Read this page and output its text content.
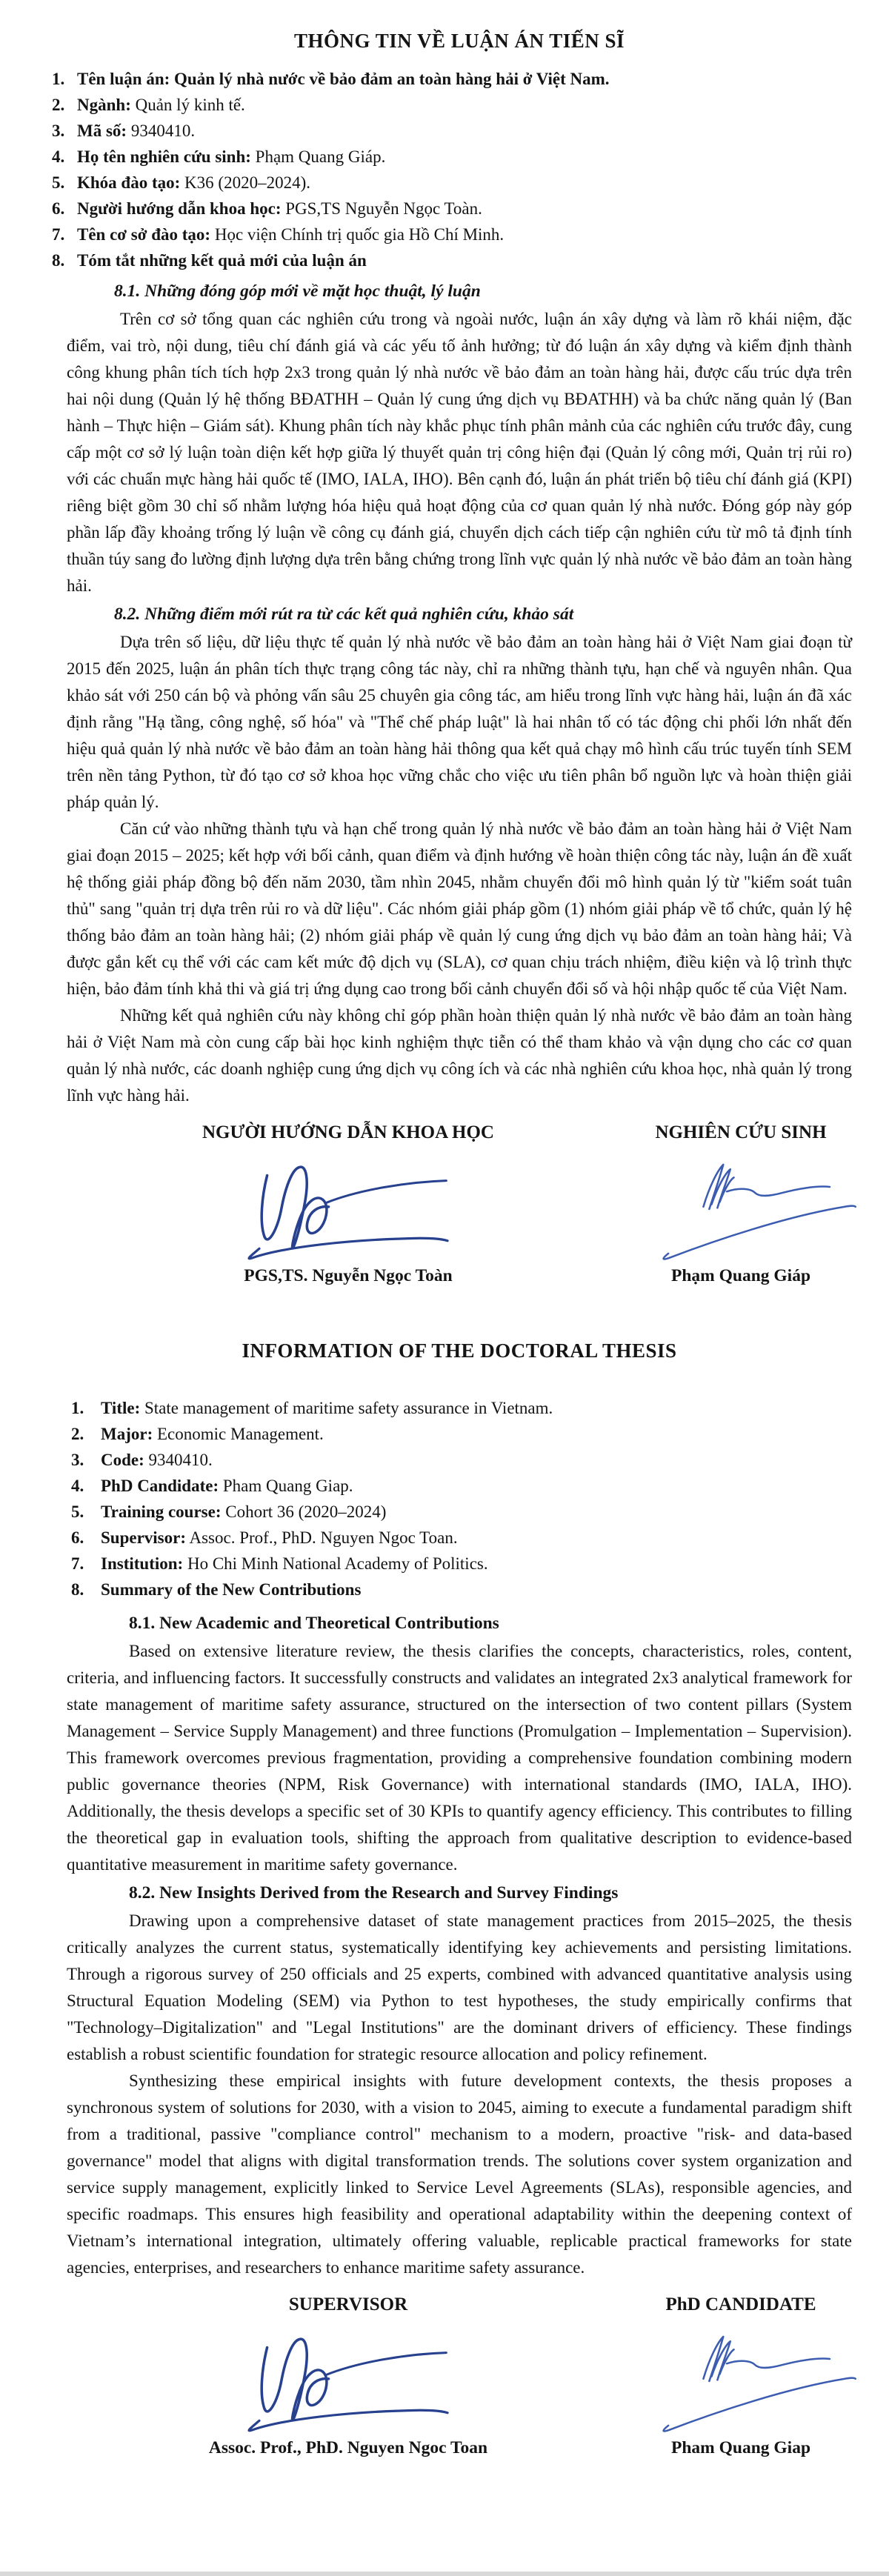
THÔNG TIN VỀ LUẬN ÁN TIẾN SĨ
1. Tên luận án: Quản lý nhà nước về bảo đảm an toàn hàng hải ở Việt Nam.
2. Ngành: Quản lý kinh tế.
3. Mã số: 9340410.
4. Họ tên nghiên cứu sinh: Phạm Quang Giáp.
5. Khóa đào tạo: K36 (2020–2024).
6. Người hướng dẫn khoa học: PGS,TS Nguyễn Ngọc Toàn.
7. Tên cơ sở đào tạo: Học viện Chính trị quốc gia Hồ Chí Minh.
8. Tóm tắt những kết quả mới của luận án

8.1. Những đóng góp mới về mặt học thuật, lý luận

Trên cơ sở tổng quan các nghiên cứu trong và ngoài nước, luận án xây dựng và làm rõ khái niệm, đặc điểm, vai trò, nội dung, tiêu chí đánh giá và các yếu tố ảnh hưởng; từ đó luận án xây dựng và kiểm định thành công khung phân tích tích hợp 2x3 trong quản lý nhà nước về bảo đảm an toàn hàng hải, được cấu trúc dựa trên hai nội dung (Quản lý hệ thống BĐATHH – Quản lý cung ứng dịch vụ BĐATHH) và ba chức năng quản lý (Ban hành – Thực hiện – Giám sát). Khung phân tích này khắc phục tính phân mảnh của các nghiên cứu trước đây, cung cấp một cơ sở lý luận toàn diện kết hợp giữa lý thuyết quản trị công hiện đại (Quản lý công mới, Quản trị rủi ro) với các chuẩn mực hàng hải quốc tế (IMO, IALA, IHO). Bên cạnh đó, luận án phát triển bộ tiêu chí đánh giá (KPI) riêng biệt gồm 30 chỉ số nhằm lượng hóa hiệu quả hoạt động của cơ quan quản lý nhà nước. Đóng góp này góp phần lấp đầy khoảng trống lý luận về công cụ đánh giá, chuyển dịch cách tiếp cận nghiên cứu từ mô tả định tính thuần túy sang đo lường định lượng dựa trên bằng chứng trong lĩnh vực quản lý nhà nước về bảo đảm an toàn hàng hải.

8.2. Những điểm mới rút ra từ các kết quả nghiên cứu, khảo sát

Dựa trên số liệu, dữ liệu thực tế quản lý nhà nước về bảo đảm an toàn hàng hải ở Việt Nam giai đoạn từ 2015 đến 2025, luận án phân tích thực trạng công tác này, chỉ ra những thành tựu, hạn chế và nguyên nhân. Qua khảo sát với 250 cán bộ và phỏng vấn sâu 25 chuyên gia công tác, am hiểu trong lĩnh vực hàng hải, luận án đã xác định rằng "Hạ tầng, công nghệ, số hóa" và "Thể chế pháp luật" là hai nhân tố có tác động chi phối lớn nhất đến hiệu quả quản lý nhà nước về bảo đảm an toàn hàng hải thông qua kết quả chạy mô hình cấu trúc tuyến tính SEM trên nền tảng Python, từ đó tạo cơ sở khoa học vững chắc cho việc ưu tiên phân bổ nguồn lực và hoàn thiện giải pháp quản lý.

Căn cứ vào những thành tựu và hạn chế trong quản lý nhà nước về bảo đảm an toàn hàng hải ở Việt Nam giai đoạn 2015 – 2025; kết hợp với bối cảnh, quan điểm và định hướng về hoàn thiện công tác này, luận án đề xuất hệ thống giải pháp đồng bộ đến năm 2030, tầm nhìn 2045, nhằm chuyển đổi mô hình quản lý từ "kiểm soát tuân thủ" sang "quản trị dựa trên rủi ro và dữ liệu". Các nhóm giải pháp gồm (1) nhóm giải pháp về tổ chức, quản lý hệ thống bảo đảm an toàn hàng hải; (2) nhóm giải pháp về quản lý cung ứng dịch vụ bảo đảm an toàn hàng hải; Và được gắn kết cụ thể với các cam kết mức độ dịch vụ (SLA), cơ quan chịu trách nhiệm, điều kiện và lộ trình thực hiện, bảo đảm tính khả thi và giá trị ứng dụng cao trong bối cảnh chuyển đổi số và hội nhập quốc tế của Việt Nam.

Những kết quả nghiên cứu này không chỉ góp phần hoàn thiện quản lý nhà nước về bảo đảm an toàn hàng hải ở Việt Nam mà còn cung cấp bài học kinh nghiệm thực tiễn có thể tham khảo và vận dụng cho các cơ quan quản lý nhà nước, các doanh nghiệp cung ứng dịch vụ công ích và các nhà nghiên cứu khoa học, nhà quản lý trong lĩnh vực hàng hải.

NGƯỜI HƯỚNG DẪN KHOA HỌC
PGS,TS. Nguyễn Ngọc Toàn
NGHIÊN CỨU SINH
Phạm Quang Giáp
INFORMATION OF THE DOCTORAL THESIS
1. Title: State management of maritime safety assurance in Vietnam.
2. Major: Economic Management.
3. Code: 9340410.
4. PhD Candidate: Pham Quang Giap.
5. Training course: Cohort 36 (2020–2024)
6. Supervisor: Assoc. Prof., PhD. Nguyen Ngoc Toan.
7. Institution: Ho Chi Minh National Academy of Politics.
8. Summary of the New Contributions

8.1. New Academic and Theoretical Contributions

Based on extensive literature review, the thesis clarifies the concepts, characteristics, roles, content, criteria, and influencing factors. It successfully constructs and validates an integrated 2x3 analytical framework for state management of maritime safety assurance, structured on the intersection of two content pillars (System Management – Service Supply Management) and three functions (Promulgation – Implementation – Supervision). This framework overcomes previous fragmentation, providing a comprehensive foundation combining modern public governance theories (NPM, Risk Governance) with international standards (IMO, IALA, IHO). Additionally, the thesis develops a specific set of 30 KPIs to quantify agency efficiency. This contributes to filling the theoretical gap in evaluation tools, shifting the approach from qualitative description to evidence-based quantitative measurement in maritime safety governance.

8.2. New Insights Derived from the Research and Survey Findings

Drawing upon a comprehensive dataset of state management practices from 2015–2025, the thesis critically analyzes the current status, systematically identifying key achievements and persisting limitations. Through a rigorous survey of 250 officials and 25 experts, combined with advanced quantitative analysis using Structural Equation Modeling (SEM) via Python to test hypotheses, the study empirically confirms that "Technology–Digitalization" and "Legal Institutions" are the dominant drivers of efficiency. These findings establish a robust scientific foundation for strategic resource allocation and policy refinement.

Synthesizing these empirical insights with future development contexts, the thesis proposes a synchronous system of solutions for 2030, with a vision to 2045, aiming to execute a fundamental paradigm shift from a traditional, passive "compliance control" mechanism to a modern, proactive "risk- and data-based governance" model that aligns with digital transformation trends. The solutions cover system organization and service supply management, explicitly linked to Service Level Agreements (SLAs), responsible agencies, and specific roadmaps. This ensures high feasibility and operational adaptability within the deepening context of Vietnam’s international integration, ultimately offering valuable, replicable practical frameworks for state agencies, enterprises, and researchers to enhance maritime safety assurance.

SUPERVISOR
Assoc. Prof., PhD. Nguyen Ngoc Toan
PhD CANDIDATE
Pham Quang Giap
